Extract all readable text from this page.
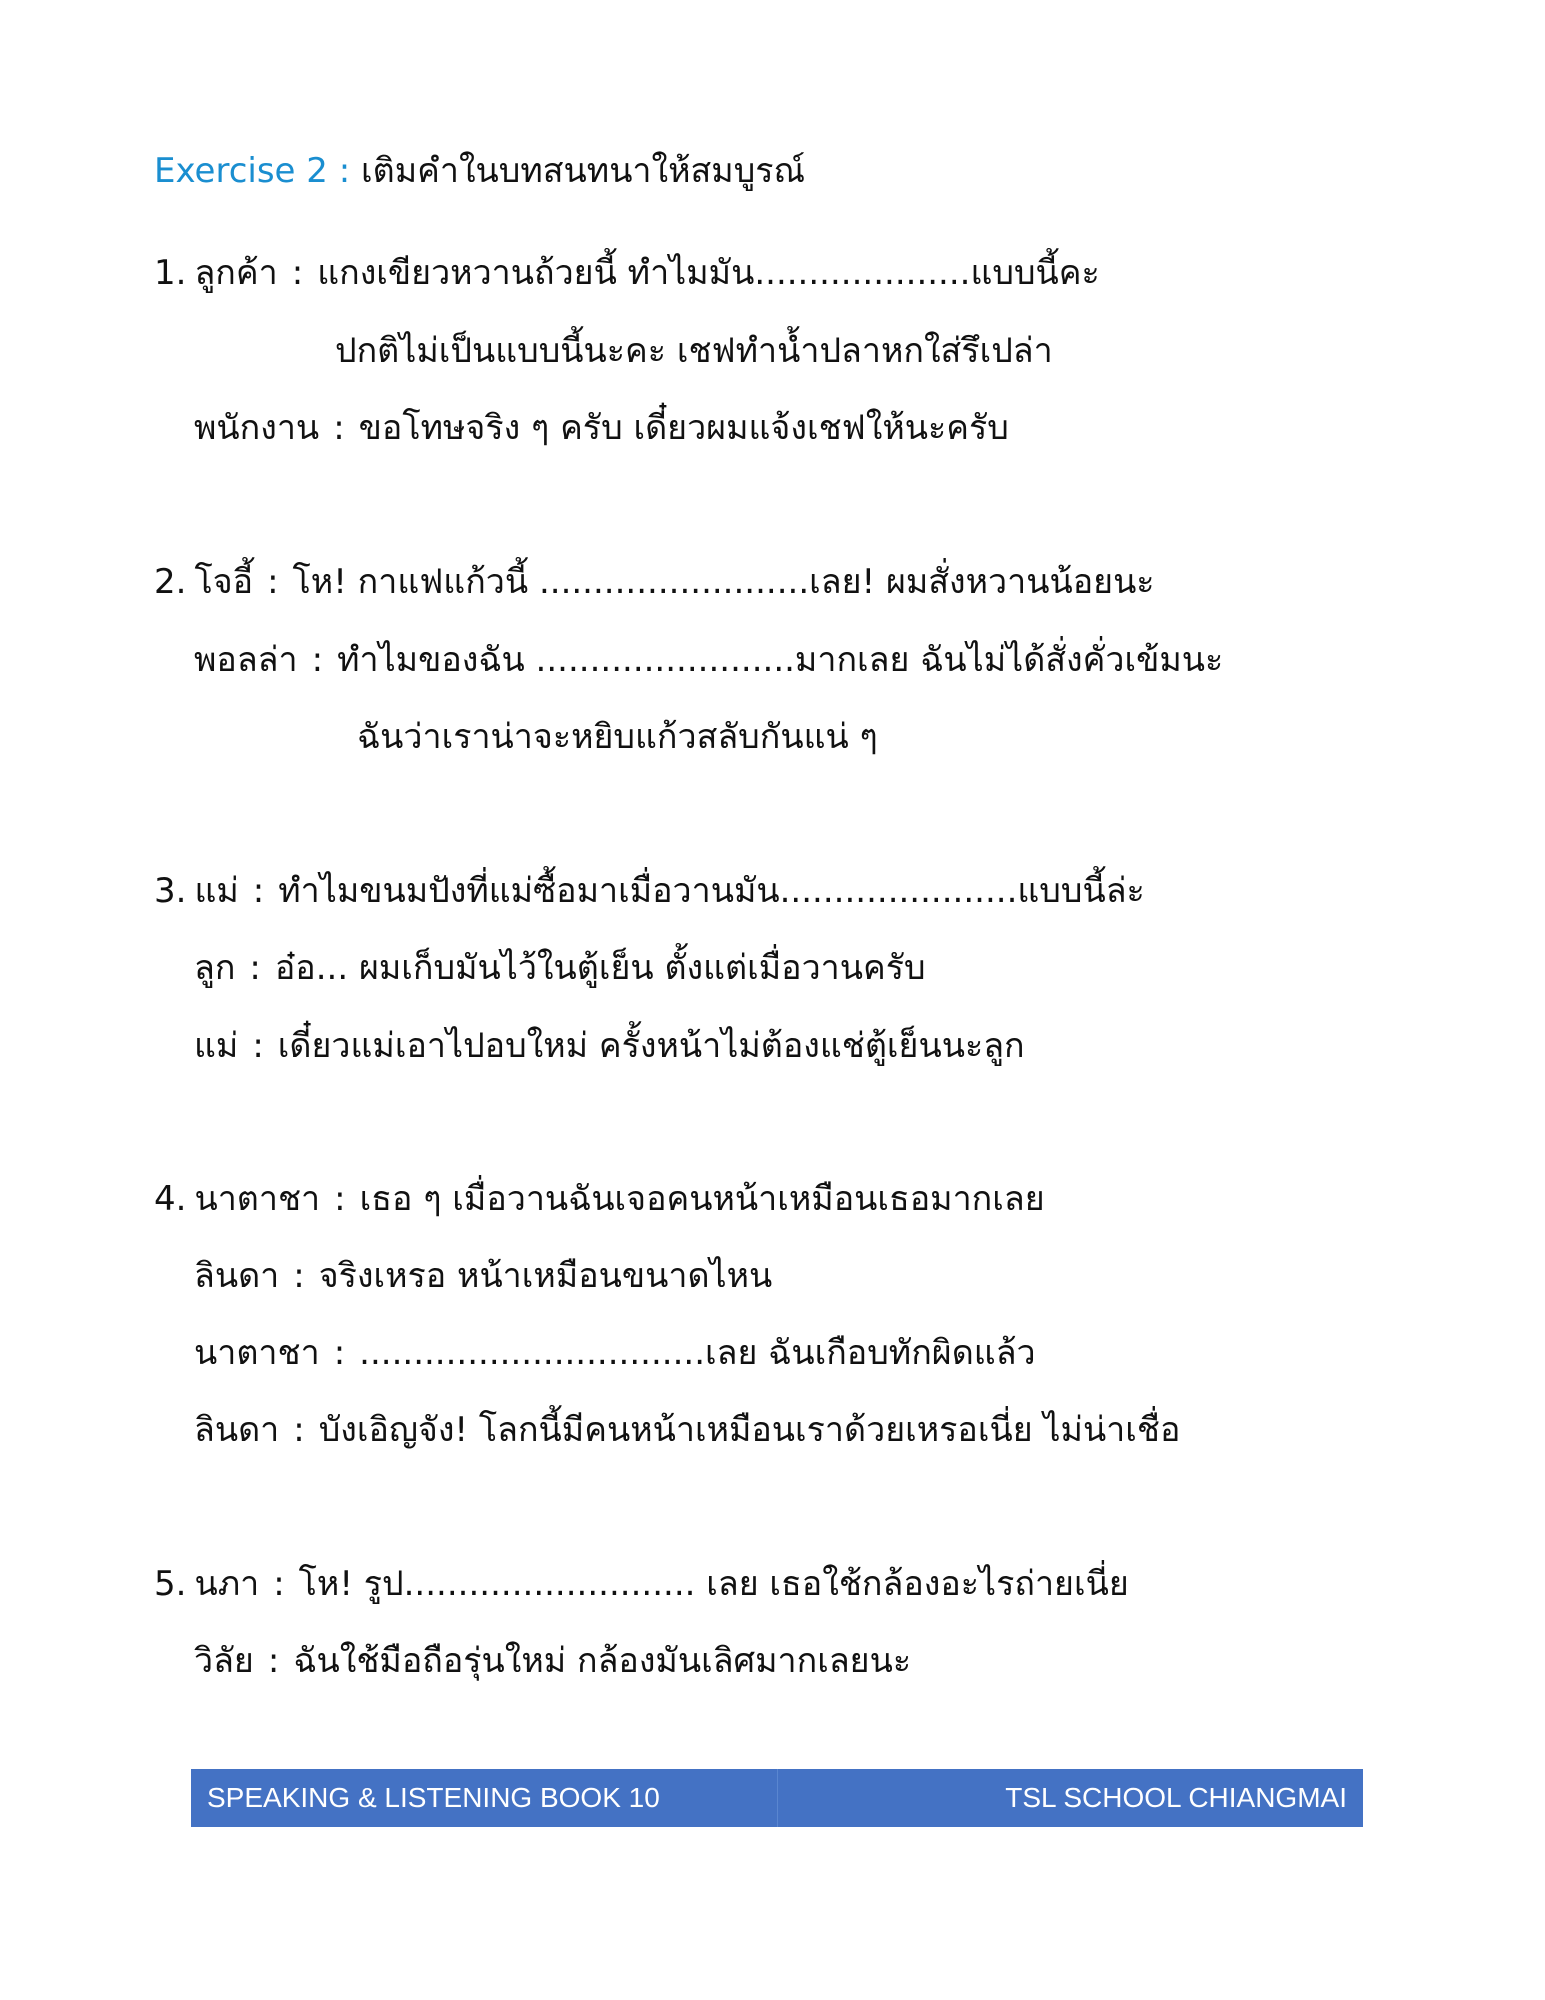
Exercise 2 : เติมคำในบทสนทนาให้สมบูรณ์
1. ลูกค้า : แกงเขียวหวานถ้วยนี้ ทำไมมัน....................แบบนี้คะ
ปกติไม่เป็นแบบนี้นะคะ เชฟทำน้ำปลาหกใส่รึเปล่า
พนักงาน : ขอโทษจริง ๆ ครับ เดี๋ยวผมแจ้งเชฟให้นะครับ
2. โจอี้ : โห! กาแฟแก้วนี้ .........................เลย! ผมสั่งหวานน้อยนะ
พอลล่า : ทำไมของฉัน ........................มากเลย ฉันไม่ได้สั่งคั่วเข้มนะ
ฉันว่าเราน่าจะหยิบแก้วสลับกันแน่ ๆ
3. แม่ : ทำไมขนมปังที่แม่ซื้อมาเมื่อวานมัน......................แบบนี้ล่ะ
ลูก : อ๋อ... ผมเก็บมันไว้ในตู้เย็น ตั้งแต่เมื่อวานครับ
แม่ : เดี๋ยวแม่เอาไปอบใหม่ ครั้งหน้าไม่ต้องแช่ตู้เย็นนะลูก
4. นาตาชา : เธอ ๆ เมื่อวานฉันเจอคนหน้าเหมือนเธอมากเลย
ลินดา : จริงเหรอ หน้าเหมือนขนาดไหน
นาตาชา : ................................เลย ฉันเกือบทักผิดแล้ว
ลินดา : บังเอิญจัง! โลกนี้มีคนหน้าเหมือนเราด้วยเหรอเนี่ย ไม่น่าเชื่อ
5. นภา : โห! รูป........................... เลย เธอใช้กล้องอะไรถ่ายเนี่ย
วิลัย : ฉันใช้มือถือรุ่นใหม่ กล้องมันเลิศมากเลยนะ
SPEAKING & LISTENING BOOK 10	TSL SCHOOL CHIANGMAI
